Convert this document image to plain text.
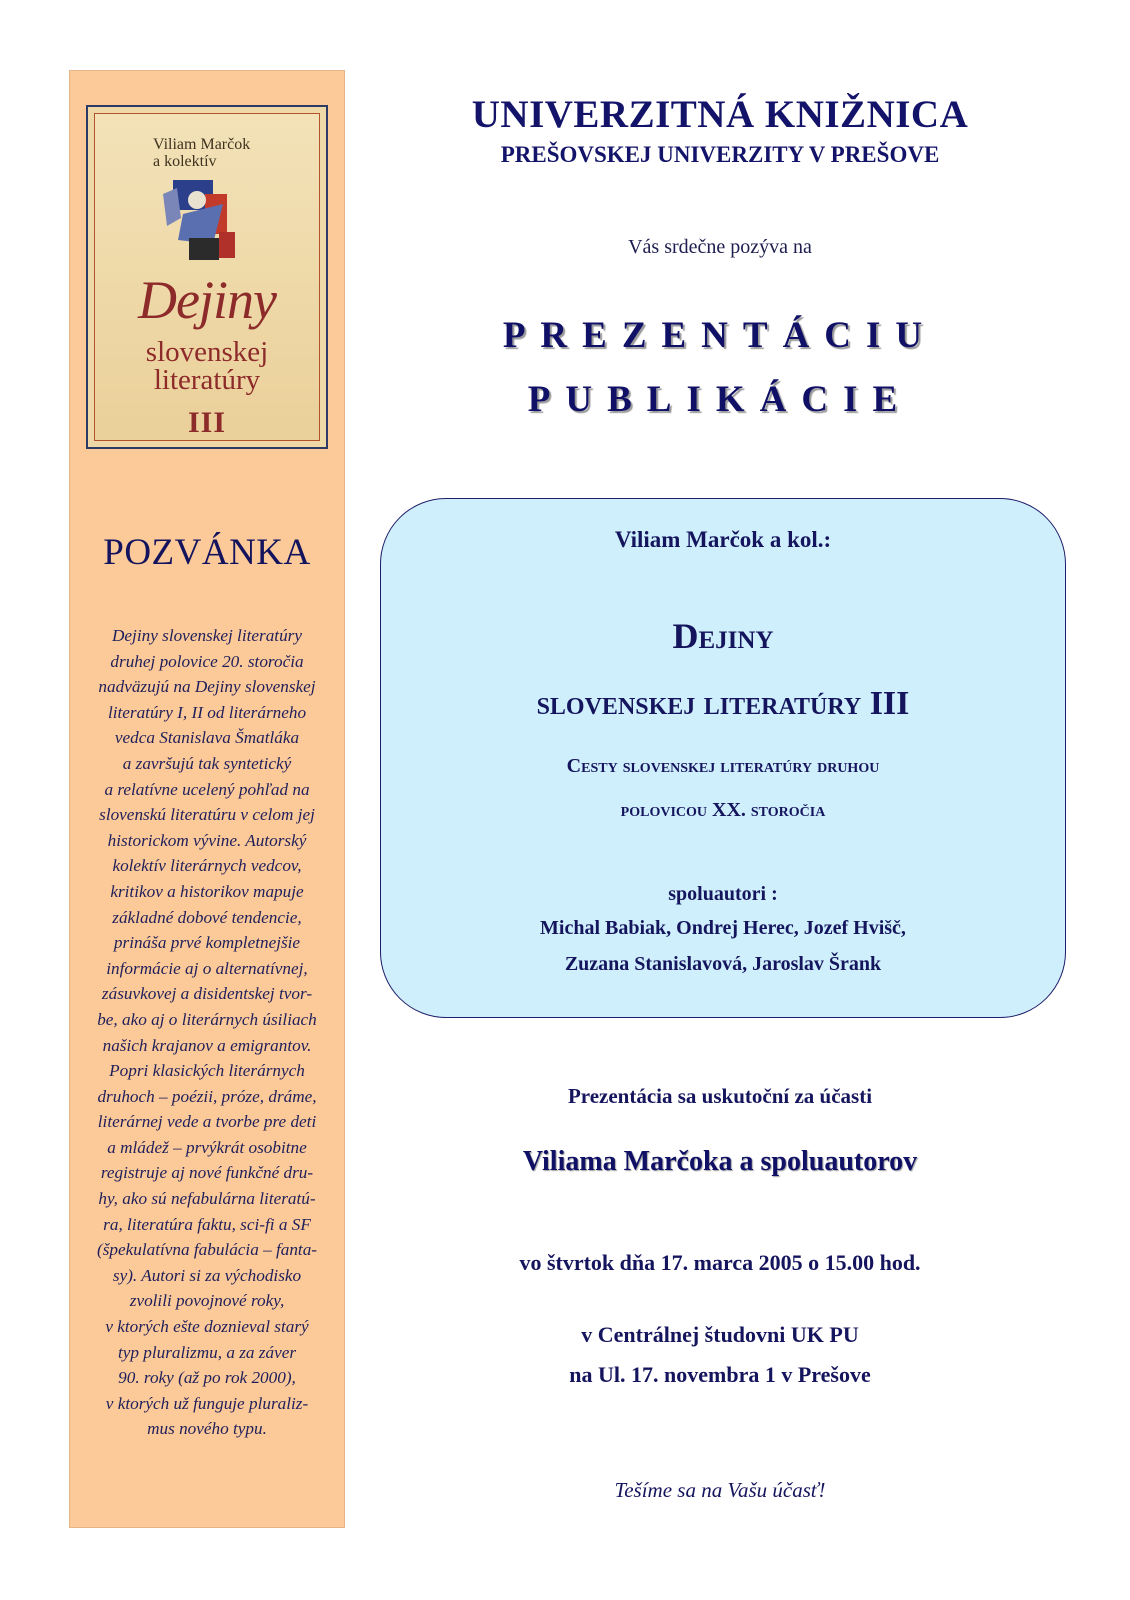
Viliam Marčok
a kolektív
Dejiny
slovenskej
literatúry
III
POZVÁNKA
Dejiny slovenskej literatúry
druhej polovice 20. storočia
nadväzujú na Dejiny slovenskej
literatúry I, II od literárneho
vedca Stanislava Šmatláka
a završujú tak syntetický
a relatívne ucelený pohľad na
slovenskú literatúru v celom jej
historickom vývine. Autorský
kolektív literárnych vedcov,
kritikov a historikov mapuje
základné dobové tendencie,
prináša prvé kompletnejšie
informácie aj o alternatívnej,
zásuvkovej a disidentskej tvor-
be, ako aj o literárnych úsiliach
našich krajanov a emigrantov.
Popri klasických literárnych
druhoch – poézii, próze, dráme,
literárnej vede a tvorbe pre deti
a mládež – prvýkrát osobitne
registruje aj nové funkčné dru-
hy, ako sú nefabulárna literatú-
ra, literatúra faktu, sci-fi a SF
(špekulatívna fabulácia – fanta-
sy). Autori si za východisko
zvolili povojnové roky,
v ktorých ešte doznieval starý
typ pluralizmu, a za záver
90. roky (až po rok 2000),
v ktorých už funguje pluraliz-
mus nového typu.
UNIVERZITNÁ KNIŽNICA
PREŠOVSKEJ UNIVERZITY V PREŠOVE
Vás srdečne pozýva na
PREZENTÁCIU
PUBLIKÁCIE
Viliam Marčok a kol.:
Dejiny
slovenskej literatúry III
Cesty slovenskej literatúry druhou
polovicou XX. storočia
spoluautori :
Michal Babiak, Ondrej Herec, Jozef Hvišč,
Zuzana Stanislavová, Jaroslav Šrank
Prezentácia sa uskutoční za účasti
Viliama Marčoka a spoluautorov
vo štvrtok dňa 17. marca 2005 o 15.00 hod.
v Centrálnej študovni UK PU
na Ul. 17. novembra 1 v Prešove
Tešíme sa na Vašu účasť!
